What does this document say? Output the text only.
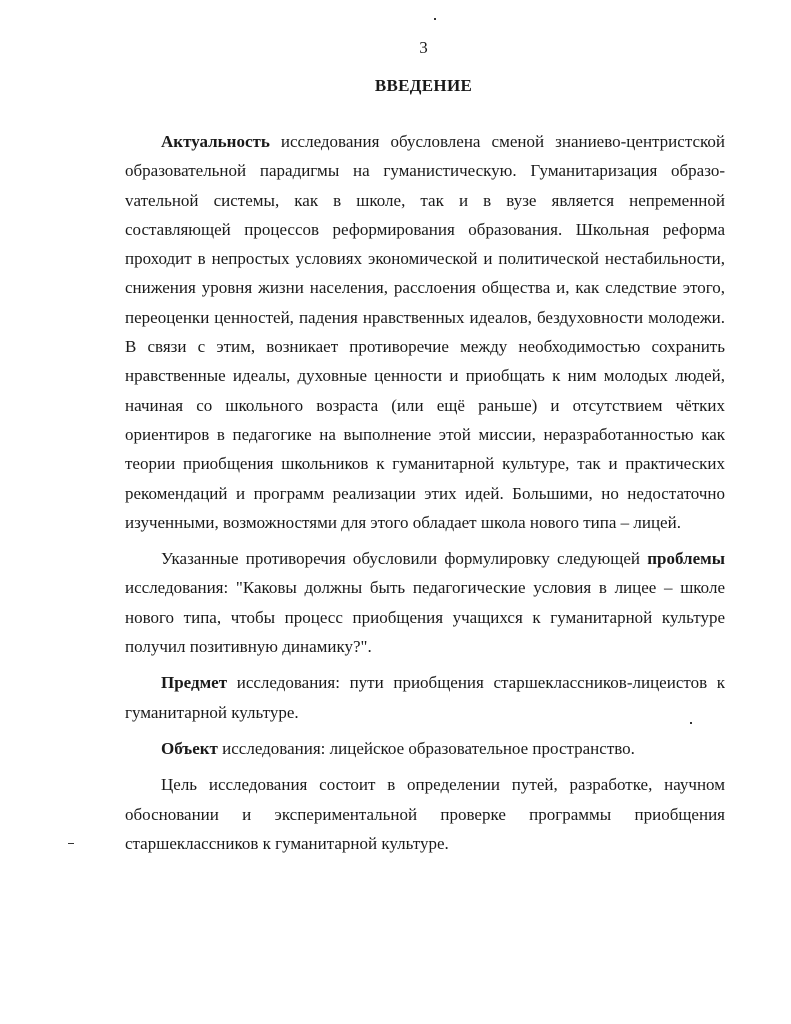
3
ВВЕДЕНИЕ

Актуальность исследования обусловлена сменой знаниево-центристской образовательной парадигмы на гуманистическую. Гуманитаризация образоvательной системы, как в школе, так и в вузе является непременной составляющей процессов реформирования образования. Школьная реформа проходит в непростых условиях экономической и политической нестабильности, снижения уровня жизни населения, расслоения общества и, как следствие этого, переоценки ценностей, падения нравственных идеалов, бездуховности молодежи. В связи с этим, возникает противоречие между необходимостью сохранить нравственные идеалы, духовные ценности и приобщать к ним молодых людей, начиная со школьного возраста (или ещё раньше) и отсутствием чётких ориентиров в педагогике на выполнение этой миссии, неразработанностью как теории приобщения школьников к гуманитарной культуре, так и практических рекомендаций и программ реализации этих идей. Большими, но недостаточно изученными, возможностями для этого обладает школа нового типа – лицей.

Указанные противоречия обусловили формулировку следующей проблемы исследования: "Каковы должны быть педагогические условия в лицее – школе нового типа, чтобы процесс приобщения учащихся к гуманитарной культуре получил позитивную динамику?".

Предмет исследования: пути приобщения старшеклассников-лицеистов к гуманитарной культуре.

Объект исследования: лицейское образовательное пространство.

Цель исследования состоит в определении путей, разработке, научном обосновании и экспериментальной проверке программы приобщения старшеклассников к гуманитарной культуре.
